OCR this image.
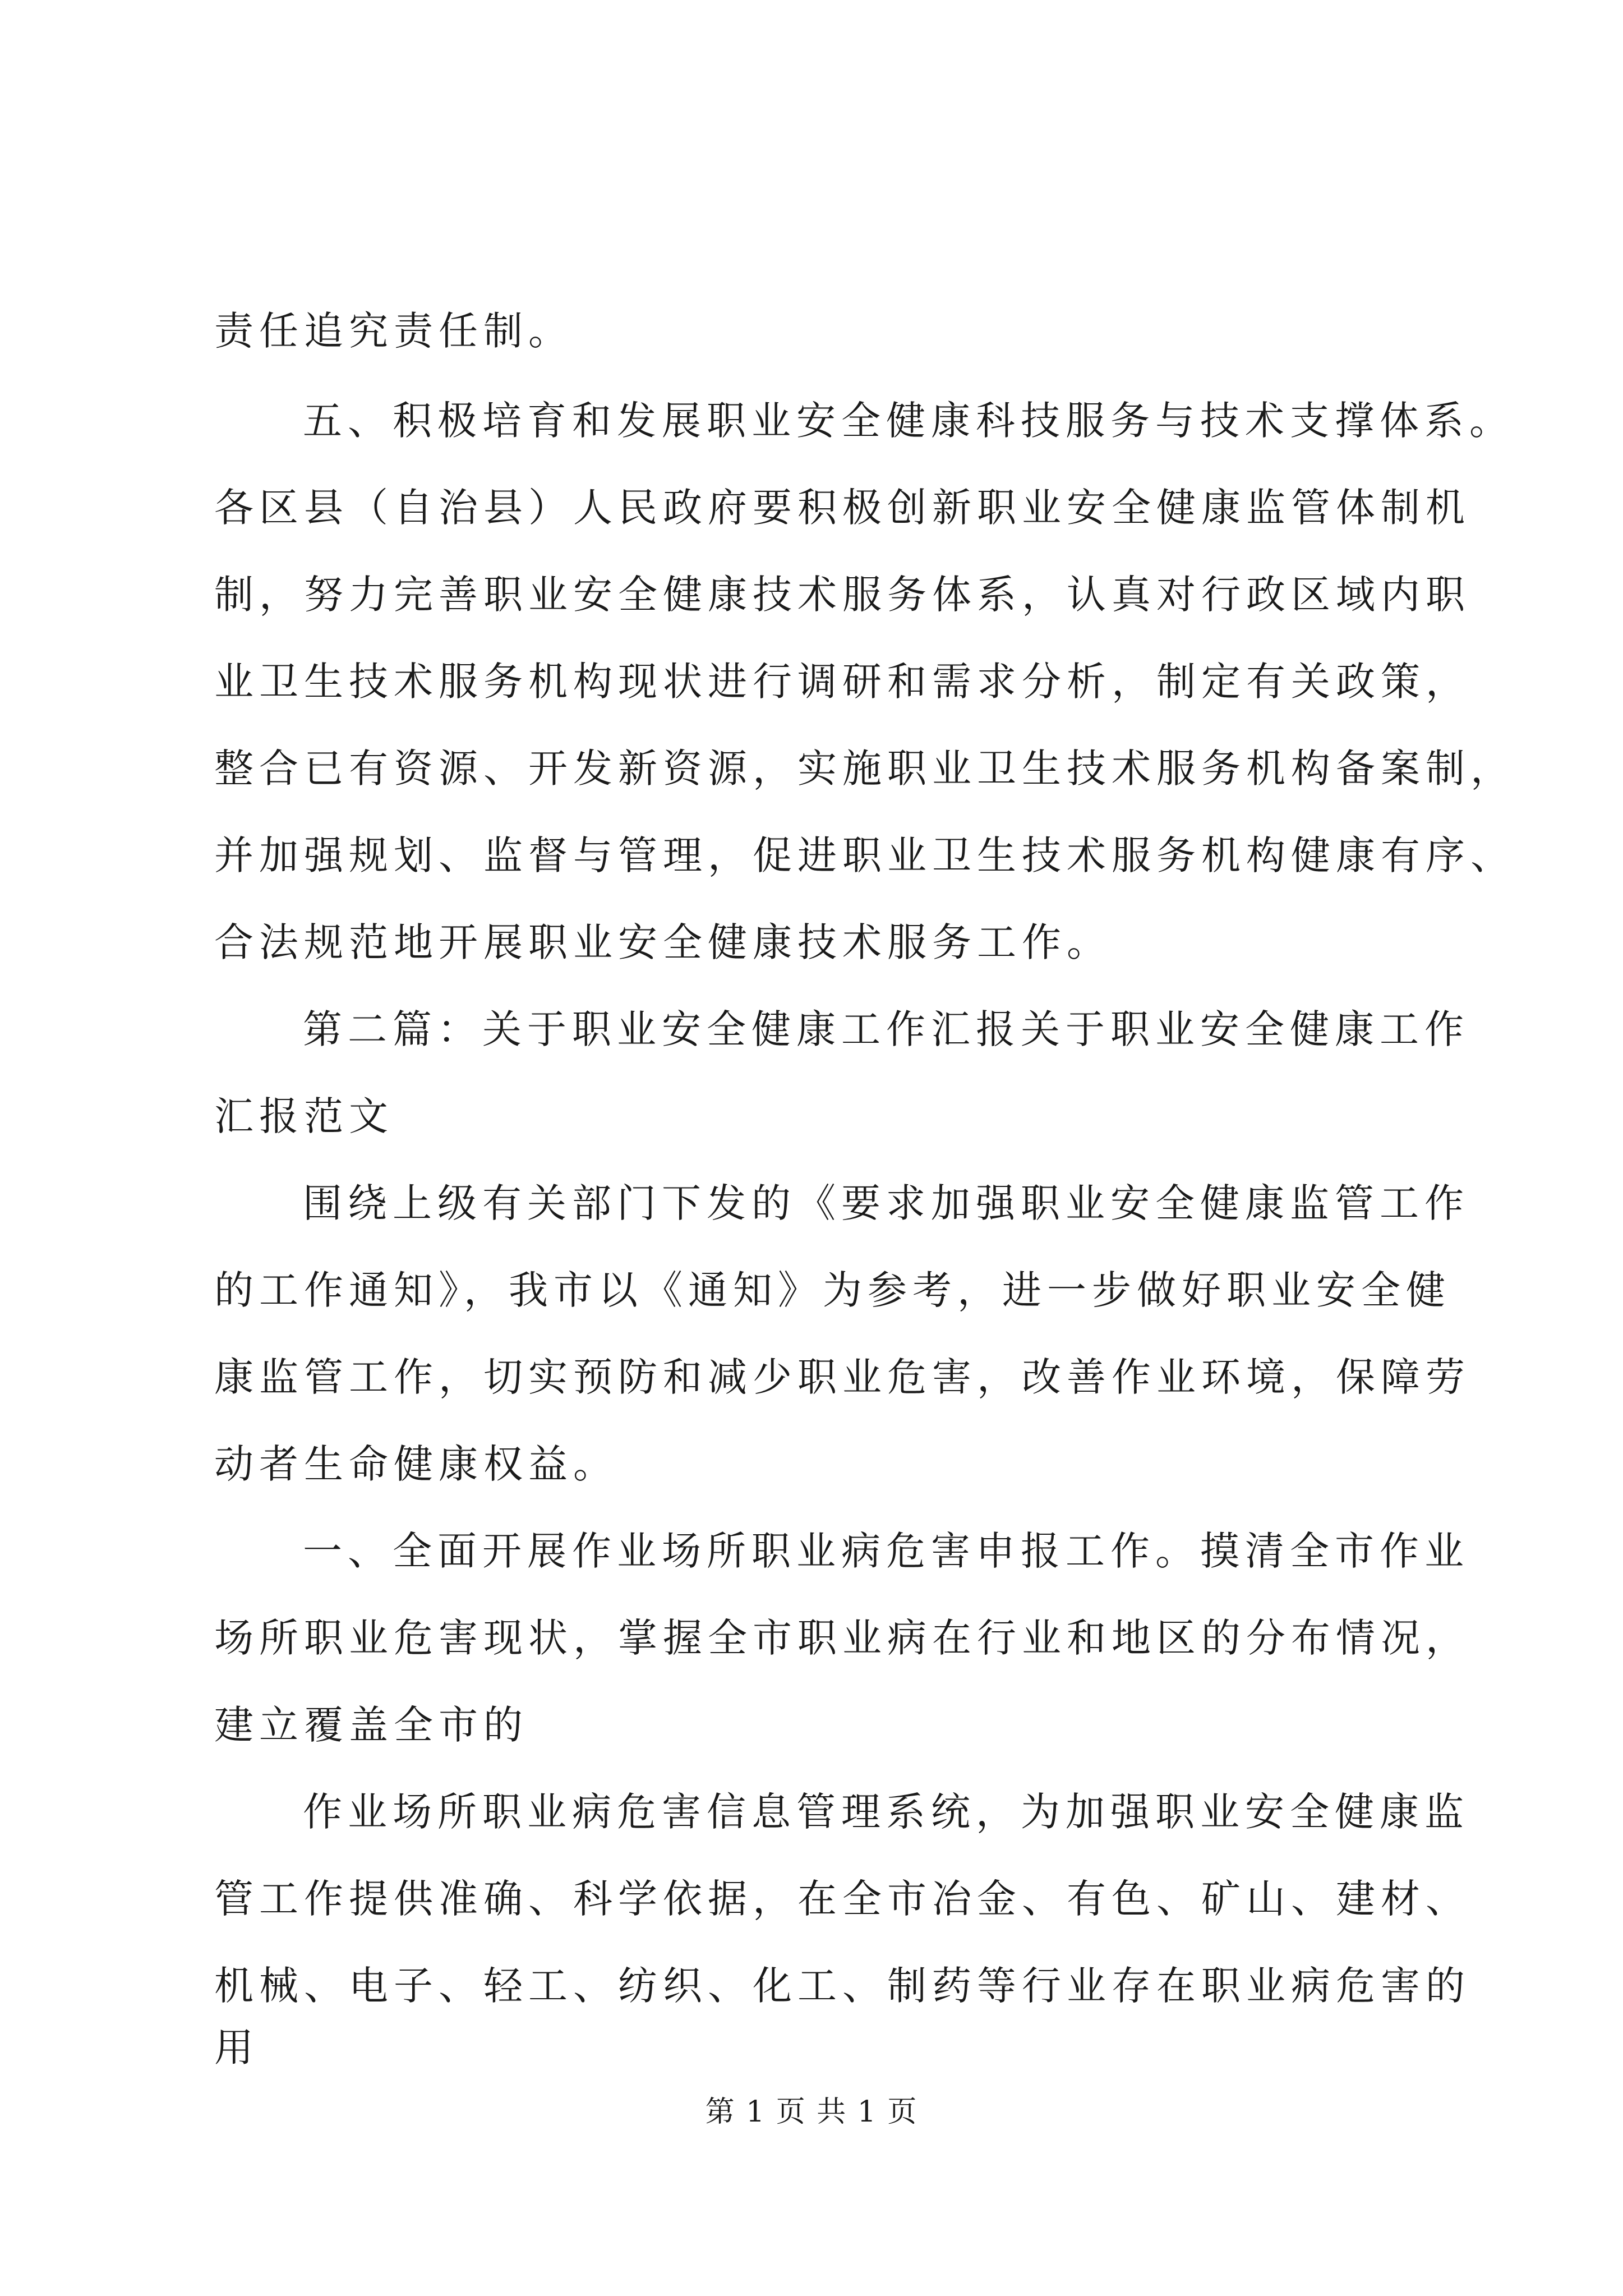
责任追究责任制。
五、积极培育和发展职业安全健康科技服务与技术支撑体系。
各区县（自治县）人民政府要积极创新职业安全健康监管体制机
制，努力完善职业安全健康技术服务体系，认真对行政区域内职
业卫生技术服务机构现状进行调研和需求分析，制定有关政策，
整合已有资源、开发新资源，实施职业卫生技术服务机构备案制，
并加强规划、监督与管理，促进职业卫生技术服务机构健康有序、
合法规范地开展职业安全健康技术服务工作。
第二篇：关于职业安全健康工作汇报关于职业安全健康工作
汇报范文
围绕上级有关部门下发的《要求加强职业安全健康监管工作
的工作通知》，我市以《通知》为参考，进一步做好职业安全健
康监管工作，切实预防和减少职业危害，改善作业环境，保障劳
动者生命健康权益。
一、全面开展作业场所职业病危害申报工作。摸清全市作业
场所职业危害现状，掌握全市职业病在行业和地区的分布情况，
建立覆盖全市的
作业场所职业病危害信息管理系统，为加强职业安全健康监
管工作提供准确、科学依据，在全市冶金、有色、矿山、建材、
机械、电子、轻工、纺织、化工、制药等行业存在职业病危害的
用
第 1 页 共 1 页
